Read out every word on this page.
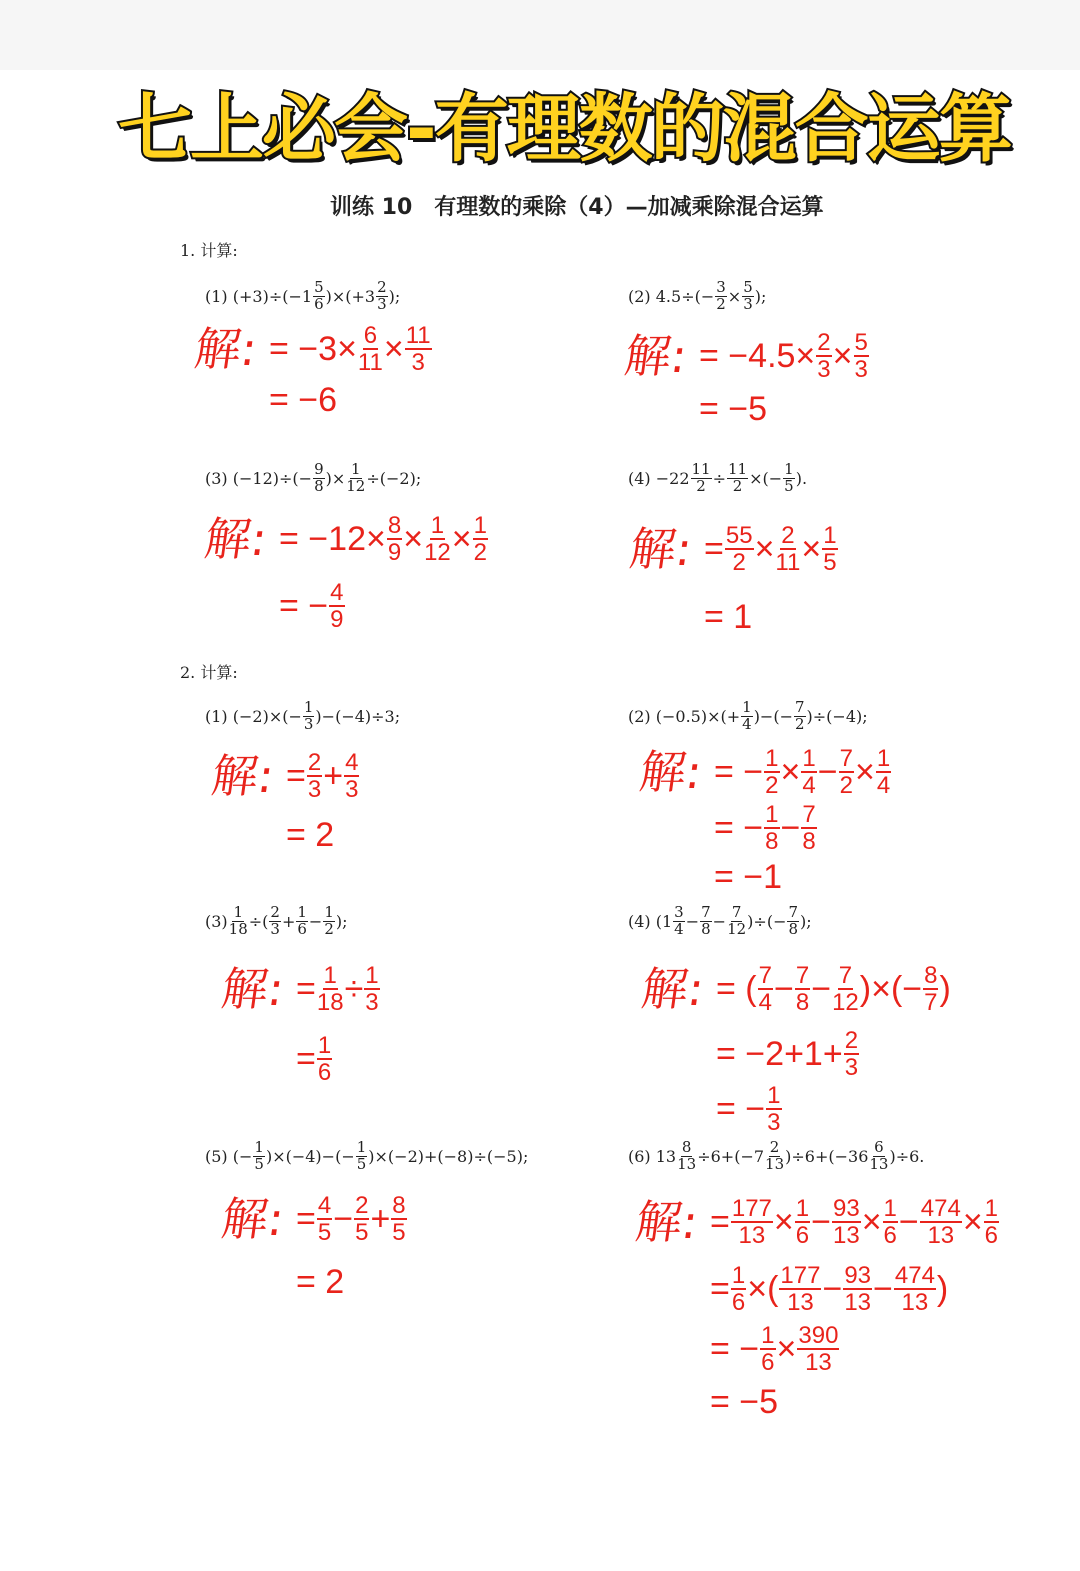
七上必会-有理数的混合运算
训练 10　有理数的乘除（4）—加减乘除混合运算
1. 计算:
2. 计算:
(1) $(+3)\div(-1 \frac{5}{6} )\times(+3 \frac{2}{3}$ );
解: = $-3\times \frac{6}{11} \times \frac{11}{3}$
= −6
(2) $4.5\div(- \frac{3}{2} \times \frac{5}{3}$ );
解: = $-4.5\times \frac{2}{3} \times \frac{5}{3}$
= −5
(3) $(-12)\div(- \frac{9}{8}$ )× $\frac{1}{12} \div(-2)$;
解: = $-12\times \frac{8}{9} \times \frac{1}{12} \times \frac{1}{2}$
= − $\frac{4}{9}$
$(4) -22 \frac{11}{2} \div \frac{11}{2}$ ×(− $\frac{1}{5}$ ).
解: = $\frac{55}{2} \times \frac{2}{11} \times \frac{1}{5}$
= 1
(1) $(-2)\times(- \frac{1}{3} )-(-4)\div 3$;
解: = $\frac{2}{3} + \frac{4}{3}$
= 2
(2) $(-0.5)\times(+ \frac{1}{4}$ )−(− $\frac{7}{2} )\div(-4)$;
解: = − $\frac{1}{2} \times \frac{1}{4} - \frac{7}{2} \times \frac{1}{4}$
= − $\frac{1}{8} - \frac{7}{8}$
= −1
$(3) \frac{1}{18}$ ÷( $\frac{2}{3} + \frac{1}{6} - \frac{1}{2}$ );
解: = $\frac{1}{18} \div \frac{1}{3}$
= $\frac{1}{6}$
(4) ($1 \frac{3}{4} - \frac{7}{8} - \frac{7}{12}$ )÷(− $\frac{7}{8}$ );
解: = ( $\frac{7}{4} - \frac{7}{8} - \frac{7}{12}$ )×(− $\frac{8}{7}$ )
= $-2+1+ \frac{2}{3}$
= − $\frac{1}{3}$
(5) (− $\frac{1}{5} )\times(-4)-(- \frac{1}{5} )\times(-2)+(-8)\div(-5)$;
解: = $\frac{4}{5} - \frac{2}{5} + \frac{8}{5}$
= 2
(6) $13 \frac{8}{13} \div 6+(-7 \frac{2}{13} )\div 6+(-36 \frac{6}{13} )\div 6$.
解: = $\frac{177}{13} \times \frac{1}{6} - \frac{93}{13} \times \frac{1}{6} - \frac{474}{13} \times \frac{1}{6}$
= $\frac{1}{6}$ ×( $\frac{177}{13} - \frac{93}{13} - \frac{474}{13}$ )
= − $\frac{1}{6} \times \frac{390}{13}$
= −5
